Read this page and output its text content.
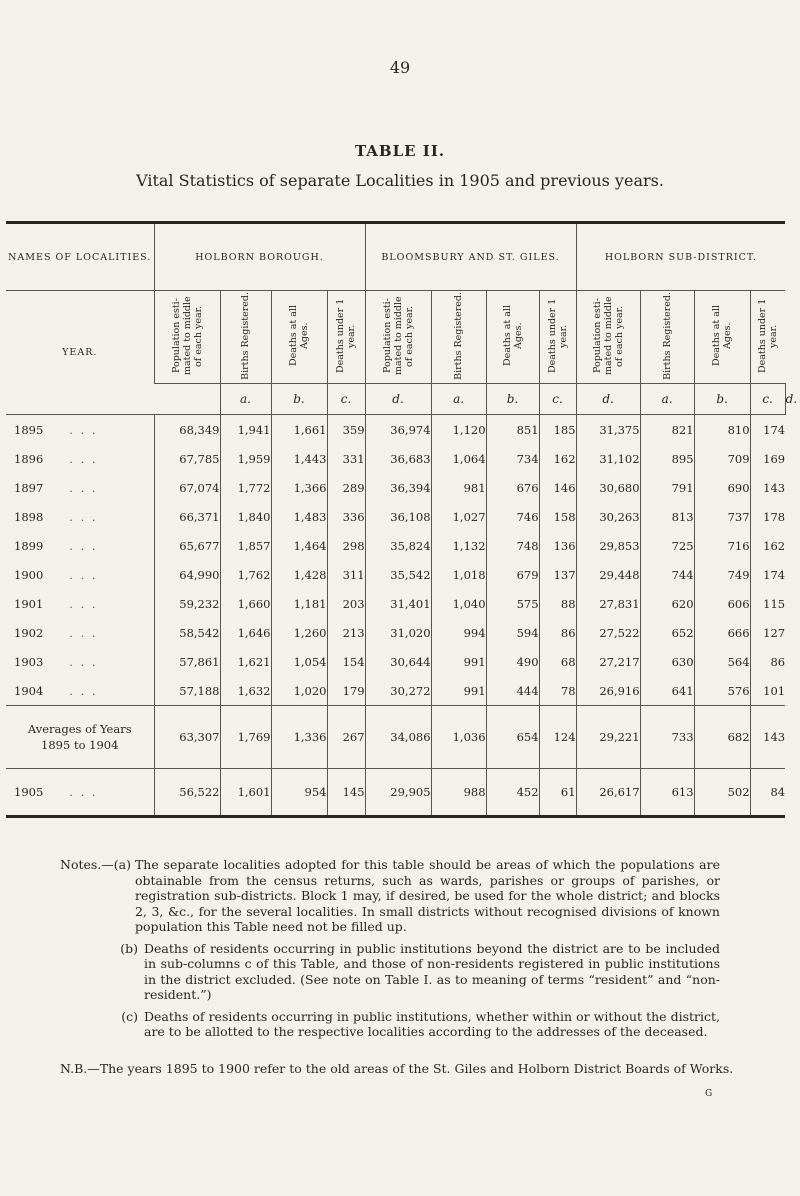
49
TABLE II.
Vital Statistics of separate Localities in 1905 and previous years.
NAMES OF LOCALITIES.	HOLBORN BOROUGH.				BLOOMSBURY AND ST. GILES.				HOLBORN SUB-DISTRICT.				
YEAR.	Population esti- mated to middle of each year.	Births Registered.	Deaths at all Ages.	Deaths under 1 year.	Population esti- mated to middle of each year.	Births Registered.	Deaths at all Ages.	Deaths under 1 year.	Population esti- mated to middle of each year.	Births Registered.	Deaths at all Ages.	Deaths under 1 year.	
		a.	b.	c.	d.	a.	b.	c.	d.	a.	b.	c.	d.
1895 . . .	68,349	1,941	1,661	359	36,974	1,120	851	185	31,375	821	810	174	
1896 . . .	67,785	1,959	1,443	331	36,683	1,064	734	162	31,102	895	709	169	
1897 . . .	67,074	1,772	1,366	289	36,394	981	676	146	30,680	791	690	143	
1898 . . .	66,371	1,840	1,483	336	36,108	1,027	746	158	30,263	813	737	178	
1899 . . .	65,677	1,857	1,464	298	35,824	1,132	748	136	29,853	725	716	162	
1900 . . .	64,990	1,762	1,428	311	35,542	1,018	679	137	29,448	744	749	174	
1901 . . .	59,232	1,660	1,181	203	31,401	1,040	575	88	27,831	620	606	115	
1902 . . .	58,542	1,646	1,260	213	31,020	994	594	86	27,522	652	666	127	
1903 . . .	57,861	1,621	1,054	154	30,644	991	490	68	27,217	630	564	86	
1904 . . .	57,188	1,632	1,020	179	30,272	991	444	78	26,916	641	576	101	

Averages of Years
1895 to 1904	63,307	1,769	1,336	267	34,086	1,036	654	124	29,221	733	682	143	
1905 . . .	56,522	1,601	954	145	29,905	988	452	61	26,617	613	502	84	
Notes.—(a)
The separate localities adopted for this table should be areas of which the populations are obtainable from the census returns, such as wards, parishes or groups of parishes, or registration sub-districts. Block 1 may, if desired, be used for the whole district; and blocks 2, 3, &c., for the several localities. In small districts without recognised divisions of known population this Table need not be filled up.
(b) Deaths of residents occurring in public institutions beyond the district are to be included in sub-columns c of this Table, and those of non-residents registered in public institutions in the district excluded. (See note on Table I. as to meaning of terms “resident” and “non-resident.”)
(c) Deaths of residents occurring in public institutions, whether within or without the district, are to be allotted to the respective localities according to the addresses of the deceased.
N.B.—The years 1895 to 1900 refer to the old areas of the St. Giles and Holborn District Boards of Works.
G
